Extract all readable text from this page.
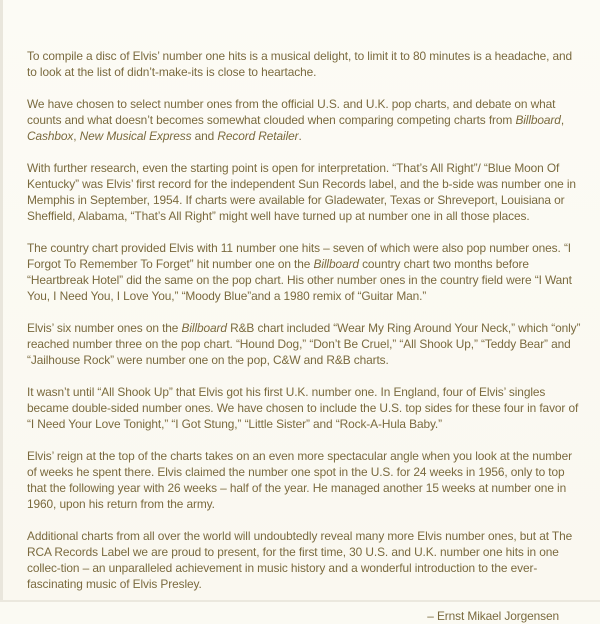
To compile a disc of Elvis’ number one hits is a musical delight, to limit it to 80 minutes is a headache, and to look at the list of didn’t-make-its is close to heartache.

We have chosen to select number ones from the official U.S. and U.K. pop charts, and debate on what counts and what doesn’t becomes somewhat clouded when comparing competing charts from Billboard, Cashbox, New Musical Express and Record Retailer.

With further research, even the starting point is open for interpretation. “That’s All Right”/ “Blue Moon Of Kentucky” was Elvis’ first record for the independent Sun Records label, and the b-side was number one in Memphis in September, 1954. If charts were available for Gladewater, Texas or Shreveport, Louisiana or Sheffield, Alabama, “That’s All Right” might well have turned up at number one in all those places.

The country chart provided Elvis with 11 number one hits – seven of which were also pop number ones. “I Forgot To Remember To Forget” hit number one on the Billboard country chart two months before “Heartbreak Hotel” did the same on the pop chart. His other number ones in the country field were “I Want You, I Need You, I Love You,” “Moody Blue”and a 1980 remix of “Guitar Man.”

Elvis’ six number ones on the Billboard R&B chart included “Wear My Ring Around Your Neck,” which “only” reached number three on the pop chart. “Hound Dog,” “Don’t Be Cruel,” “All Shook Up,” “Teddy Bear” and “Jailhouse Rock” were number one on the pop, C&W and R&B charts.

It wasn’t until “All Shook Up” that Elvis got his first U.K. number one. In England, four of Elvis’ singles became double-sided number ones. We have chosen to include the U.S. top sides for these four in favor of “I Need Your Love Tonight,” “I Got Stung,” “Little Sister” and “Rock-A-Hula Baby.”

Elvis’ reign at the top of the charts takes on an even more spectacular angle when you look at the number of weeks he spent there. Elvis claimed the number one spot in the U.S. for 24 weeks in 1956, only to top that the following year with 26 weeks – half of the year. He managed another 15 weeks at number one in 1960, upon his return from the army.

Additional charts from all over the world will undoubtedly reveal many more Elvis number ones, but at The RCA Records Label we are proud to present, for the first time, 30 U.S. and U.K. number one hits in one collec-tion – an unparalleled achievement in music history and a wonderful introduction to the ever-fascinating music of Elvis Presley.

– Ernst Mikael Jorgensen
